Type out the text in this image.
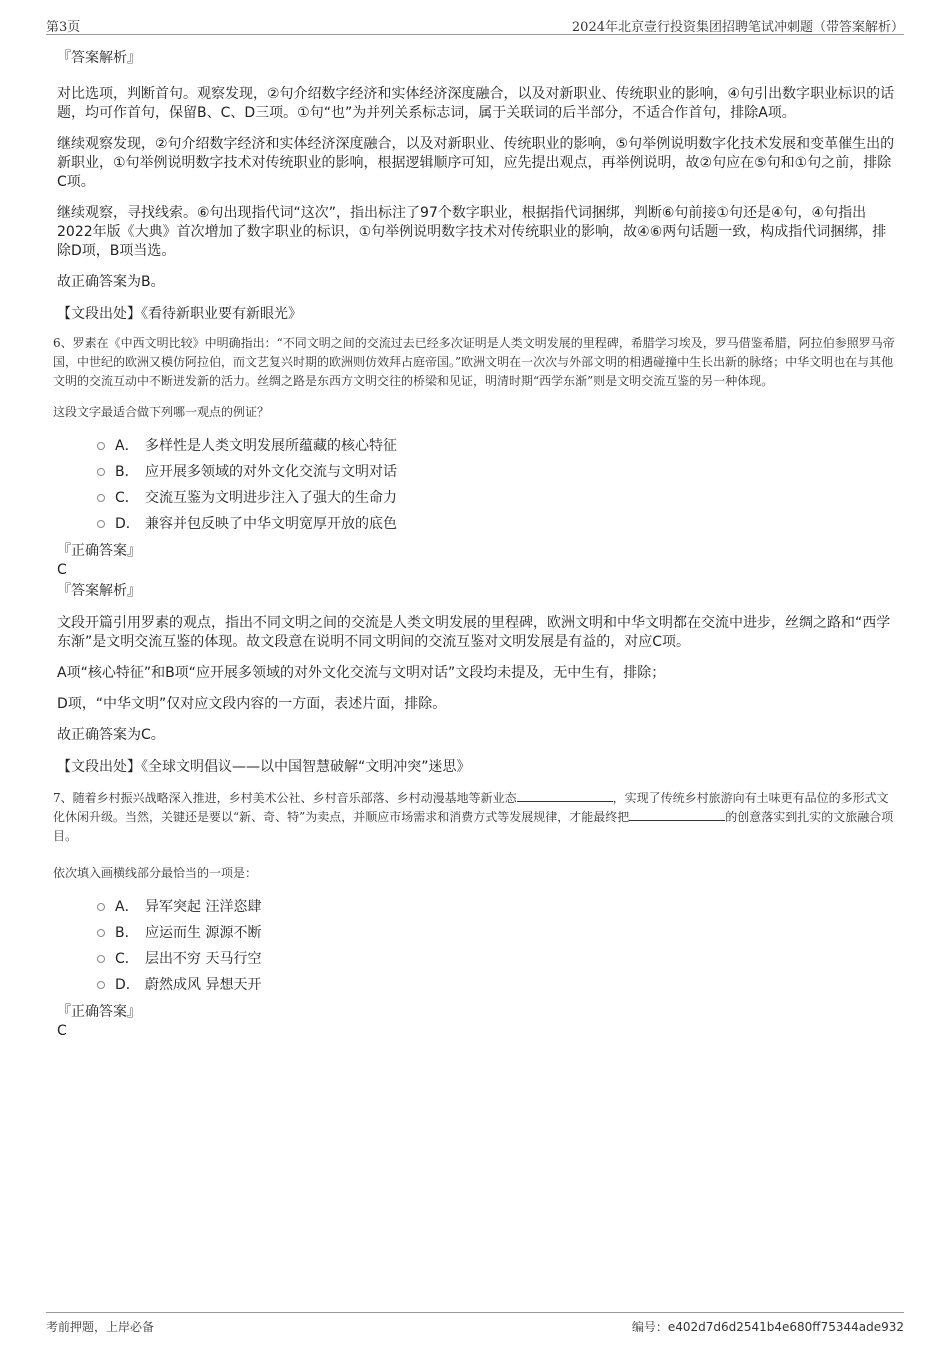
第3页	2024年北京壹行投资集团招聘笔试冲刺题（带答案解析）

『答案解析』

对比选项，判断首句。观察发现，②句介绍数字经济和实体经济深度融合，以及对新职业、传统职业的影响，④句引出数字职业标识的话题，均可作首句，保留B、C、D三项。①句“也”为并列关系标志词，属于关联词的后半部分，不适合作首句，排除A项。

继续观察发现，②句介绍数字经济和实体经济深度融合，以及对新职业、传统职业的影响，⑤句举例说明数字化技术发展和变革催生出的新职业，①句举例说明数字技术对传统职业的影响，根据逻辑顺序可知，应先提出观点，再举例说明，故②句应在⑤句和①句之前，排除C项。

继续观察，寻找线索。⑥句出现指代词“这次”，指出标注了97个数字职业，根据指代词捆绑，判断⑥句前接①句还是④句，④句指出2022年版《大典》首次增加了数字职业的标识，①句举例说明数字技术对传统职业的影响，故④⑥两句话题一致，构成指代词捆绑，排除D项，B项当选。

故正确答案为B。

【文段出处】《看待新职业要有新眼光》

6、罗素在《中西文明比较》中明确指出：“不同文明之间的交流过去已经多次证明是人类文明发展的里程碑，希腊学习埃及，罗马借鉴希腊，阿拉伯参照罗马帝国，中世纪的欧洲又模仿阿拉伯，而文艺复兴时期的欧洲则仿效拜占庭帝国。”欧洲文明在一次次与外部文明的相遇碰撞中生长出新的脉络；中华文明也在与其他文明的交流互动中不断迸发新的活力。丝绸之路是东西方文明交往的桥梁和见证，明清时期“西学东渐”则是文明交流互鉴的另一种体现。

这段文字最适合做下列哪一观点的例证？

A． 多样性是人类文明发展所蕴藏的核心特征
B． 应开展多领域的对外文化交流与文明对话
C． 交流互鉴为文明进步注入了强大的生命力
D． 兼容并包反映了中华文明宽厚开放的底色

『正确答案』

C

『答案解析』

文段开篇引用罗素的观点，指出不同文明之间的交流是人类文明发展的里程碑，欧洲文明和中华文明都在交流中进步，丝绸之路和“西学东渐”是文明交流互鉴的体现。故文段意在说明不同文明间的交流互鉴对文明发展是有益的，对应C项。

A项“核心特征”和B项“应开展多领域的对外文化交流与文明对话”文段均未提及，无中生有，排除；

D项，“中华文明”仅对应文段内容的一方面，表述片面，排除。

故正确答案为C。

【文段出处】《全球文明倡议——以中国智慧破解“文明冲突”迷思》

7、随着乡村振兴战略深入推进，乡村美术公社、乡村音乐部落、乡村动漫基地等新业态	，实现了传统乡村旅游向有土味更有品位的多形式文化休闲升级。当然，关键还是要以“新、奇、特”为卖点，并顺应市场需求和消费方式等发展规律，才能最终把	的创意落实到扎实的文旅融合项目。

依次填入画横线部分最恰当的一项是：

A． 异军突起 汪洋恣肆
B． 应运而生 源源不断
C． 层出不穷 天马行空
D． 蔚然成风 异想天开

『正确答案』

C

考前押题，上岸必备	编号：e402d7d6d2541b4e680ff75344ade932
